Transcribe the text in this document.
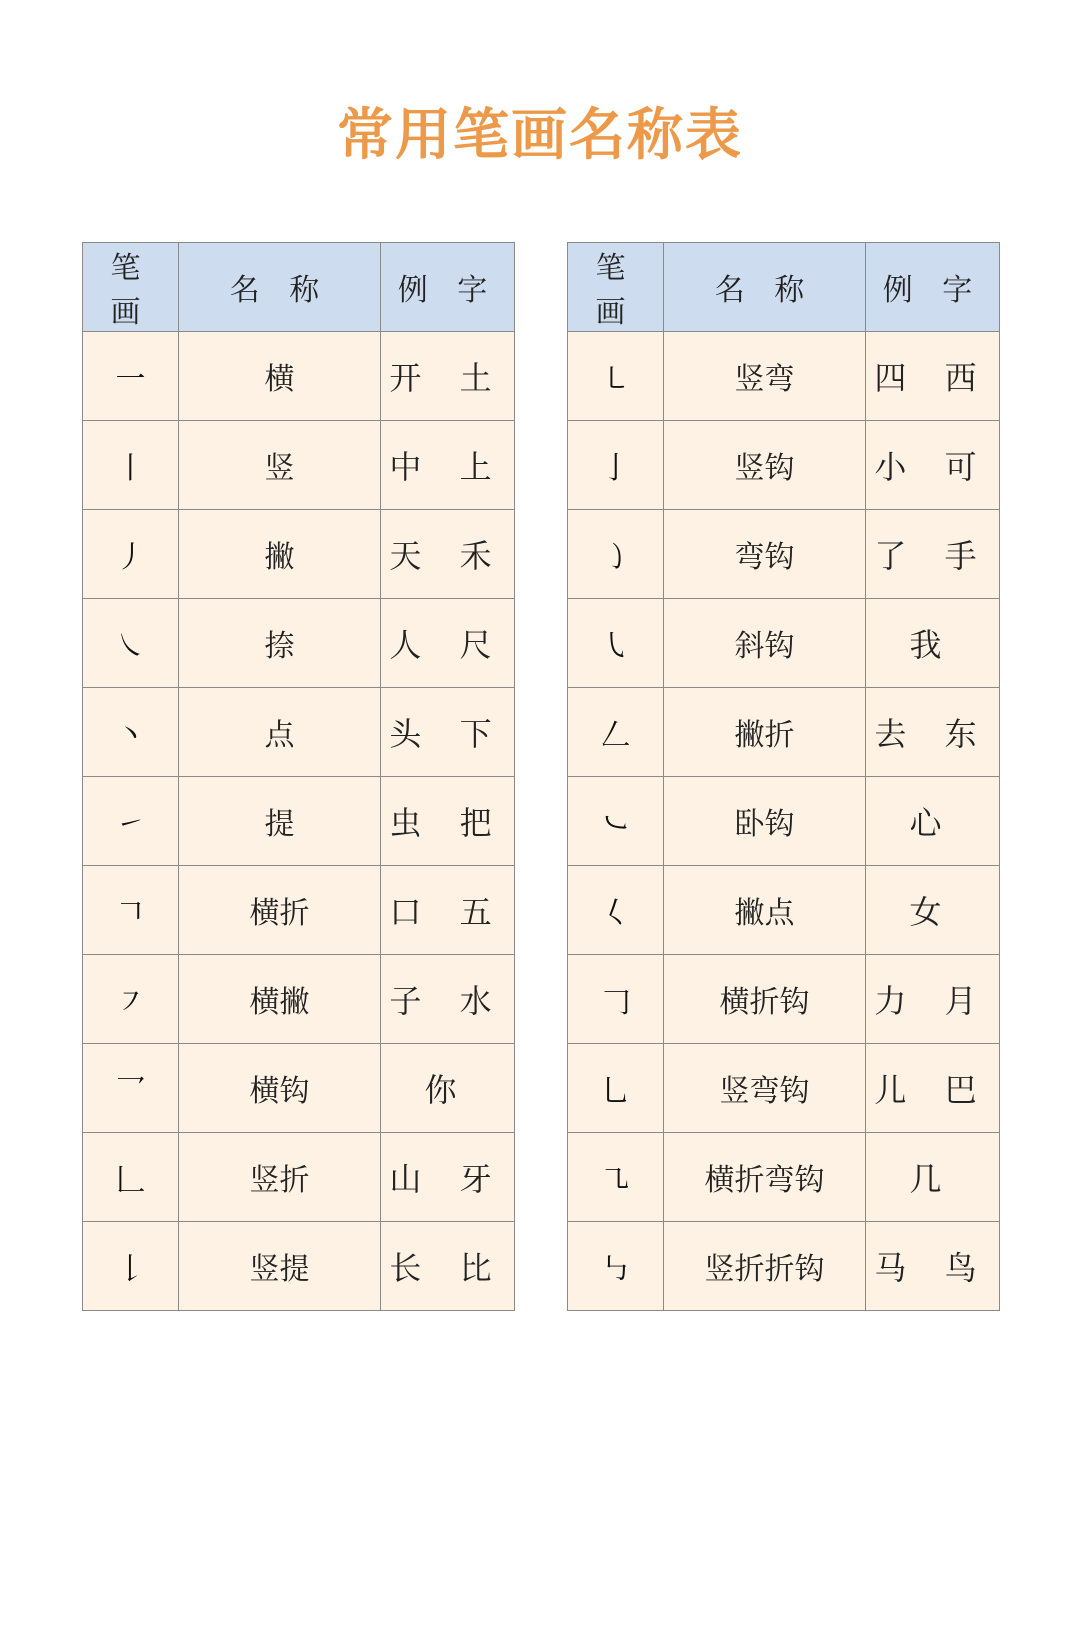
常用笔画名称表
笔 画	名 称	例 字
一	横	开 土
丨	竖	中 上
丿	撇	天 禾
㇏	捺	人 尺
丶	点	头 下
㇀	提	虫 把
𠃍	横折	口 五
㇇	横撇	子 水
乛	横钩	你
𠃊	竖折	山 牙
𠄌	竖提	长 比
笔 画	名 称	例 字
㇄	竖弯	四 西
亅	竖钩	小 可
㇁	弯钩	了 手
㇂	斜钩	我
𠃋	撇折	去 东
㇃	卧钩	心
𡿨	撇点	女
𠃌	横折钩	力 月
乚	竖弯钩	儿 巴
㇈	横折弯钩	几
㇉	竖折折钩	马 鸟
